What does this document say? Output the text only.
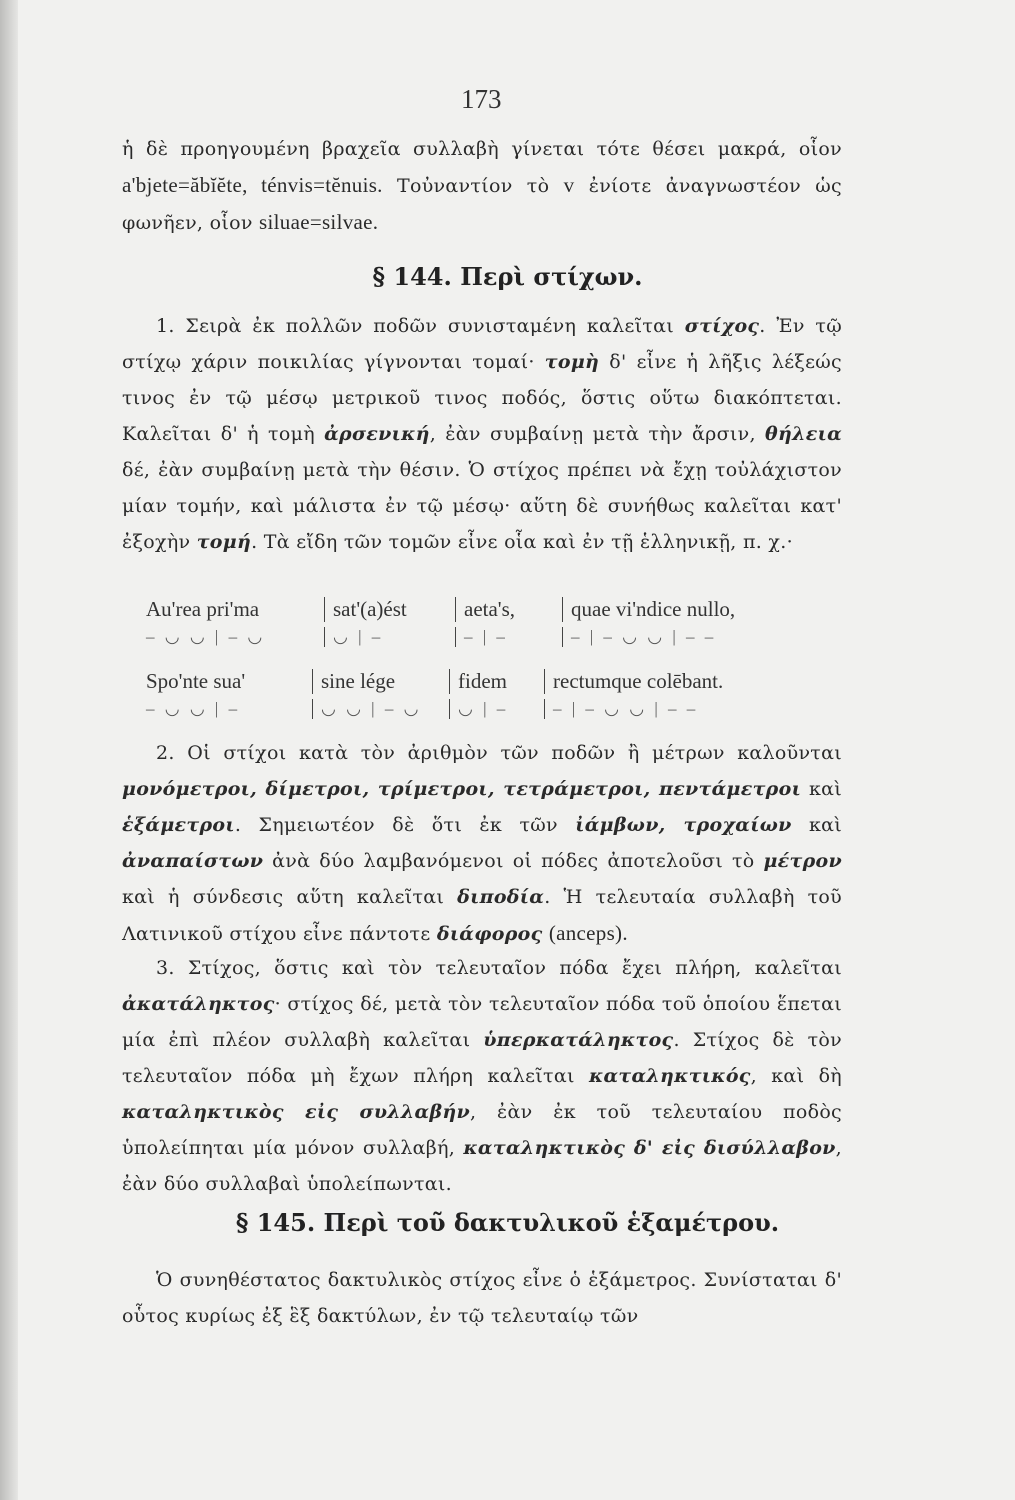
173
ἡ δὲ προηγουμένη βραχεῖα συλλαβὴ γίνεται τότε θέσει μακρά, οἷον a'bjete=ăbĭĕte, ténvis=tĕnuis. Τοὐναντίον τὸ v ἐνίοτε ἀναγνωστέον ὡς φωνῆεν, οἷον siluae=silvae.
§ 144. Περὶ στίχων.
1. Σειρὰ ἐκ πολλῶν ποδῶν συνισταμένη καλεῖται στίχος. Ἐν τῷ στίχῳ χάριν ποικιλίας γίγνονται τομαί· τομὴ δ' εἶνε ἡ λῆξις λέξεώς τινος ἐν τῷ μέσῳ μετρικοῦ τινος ποδός, ὅστις οὕτω διακόπτεται. Καλεῖται δ' ἡ τομὴ ἀρσενική, ἐὰν συμβαίνῃ μετὰ τὴν ἄρσιν, θήλεια δέ, ἐὰν συμβαίνῃ μετὰ τὴν θέσιν. Ὁ στίχος πρέπει νὰ ἔχῃ τοὐλάχιστον μίαν τομήν, καὶ μάλιστα ἐν τῷ μέσῳ· αὕτη δὲ συνήθως καλεῖται κατ' ἐξοχὴν τομή. Τὰ εἴδη τῶν τομῶν εἶνε οἷα καὶ ἐν τῇ ἑλληνικῇ, π. χ.·
Au'rea pri'ma	sat'(a)ést	aeta's,	quae vi'ndice nullo,
– ◡ ◡ | – ◡	◡ | –	– | –	– | – ◡ ◡ | – –
Spo'nte sua'	sine lége	fidem	rectumque colēbant.
– ◡ ◡ | –	◡ ◡ | – ◡	◡ | –	– | – ◡ ◡ | – –
2. Οἱ στίχοι κατὰ τὸν ἀριθμὸν τῶν ποδῶν ἢ μέτρων καλοῦνται μονόμετροι, δίμετροι, τρίμετροι, τετράμετροι, πεντάμετροι καὶ ἑξάμετροι. Σημειωτέον δὲ ὅτι ἐκ τῶν ἰάμβων, τροχαίων καὶ ἀναπαίστων ἀνὰ δύο λαμβανόμενοι οἱ πόδες ἀποτελοῦσι τὸ μέτρον καὶ ἡ σύνδεσις αὕτη καλεῖται διποδία. Ἡ τελευταία συλλαβὴ τοῦ Λατινικοῦ στίχου εἶνε πάντοτε διάφορος (anceps).
3. Στίχος, ὅστις καὶ τὸν τελευταῖον πόδα ἔχει πλήρη, καλεῖται ἀκατάληκτος· στίχος δέ, μετὰ τὸν τελευταῖον πόδα τοῦ ὁποίου ἕπεται μία ἐπὶ πλέον συλλαβὴ καλεῖται ὑπερκατάληκτος. Στίχος δὲ τὸν τελευταῖον πόδα μὴ ἔχων πλήρη καλεῖται καταληκτικός, καὶ δὴ καταληκτικὸς εἰς συλλαβήν, ἐὰν ἐκ τοῦ τελευταίου ποδὸς ὑπολείπηται μία μόνον συλλαβή, καταληκτικὸς δ' εἰς δισύλλαβον, ἐὰν δύο συλλαβαὶ ὑπολείπωνται.
§ 145. Περὶ τοῦ δακτυλικοῦ ἑξαμέτρου.
Ὁ συνηθέστατος δακτυλικὸς στίχος εἶνε ὁ ἑξάμετρος. Συνίσταται δ' οὗτος κυρίως ἐξ ἓξ δακτύλων, ἐν τῷ τελευταίῳ τῶν
